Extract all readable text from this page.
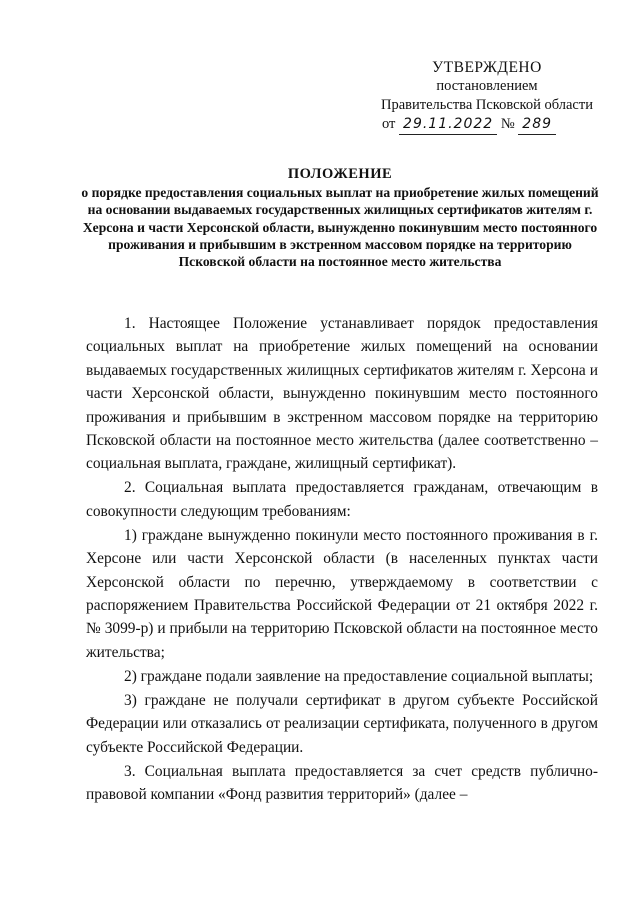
УТВЕРЖДЕНО
постановлением
Правительства Псковской области
от 29.11.2022 № 289
ПОЛОЖЕНИЕ
о порядке предоставления социальных выплат на приобретение жилых помещений на основании выдаваемых государственных жилищных сертификатов жителям г. Херсона и части Херсонской области, вынужденно покинувшим место постоянного проживания и прибывшим в экстренном массовом порядке на территорию Псковской области на постоянное место жительства

1. Настоящее Положение устанавливает порядок предоставления социальных выплат на приобретение жилых помещений на основании выдаваемых государственных жилищных сертификатов жителям г. Херсона и части Херсонской области, вынужденно покинувшим место постоянного проживания и прибывшим в экстренном массовом порядке на территорию Псковской области на постоянное место жительства (далее соответственно – социальная выплата, граждане, жилищный сертификат).

2. Социальная выплата предоставляется гражданам, отвечающим в совокупности следующим требованиям:

1) граждане вынужденно покинули место постоянного проживания в г. Херсоне или части Херсонской области (в населенных пунктах части Херсонской области по перечню, утверждаемому в соответствии с распоряжением Правительства Российской Федерации от 21 октября 2022 г. № 3099-р) и прибыли на территорию Псковской области на постоянное место жительства;

2) граждане подали заявление на предоставление социальной выплаты;

3) граждане не получали сертификат в другом субъекте Российской Федерации или отказались от реализации сертификата, полученного в другом субъекте Российской Федерации.

3. Социальная выплата предоставляется за счет средств публично-правовой компании «Фонд развития территорий» (далее –
